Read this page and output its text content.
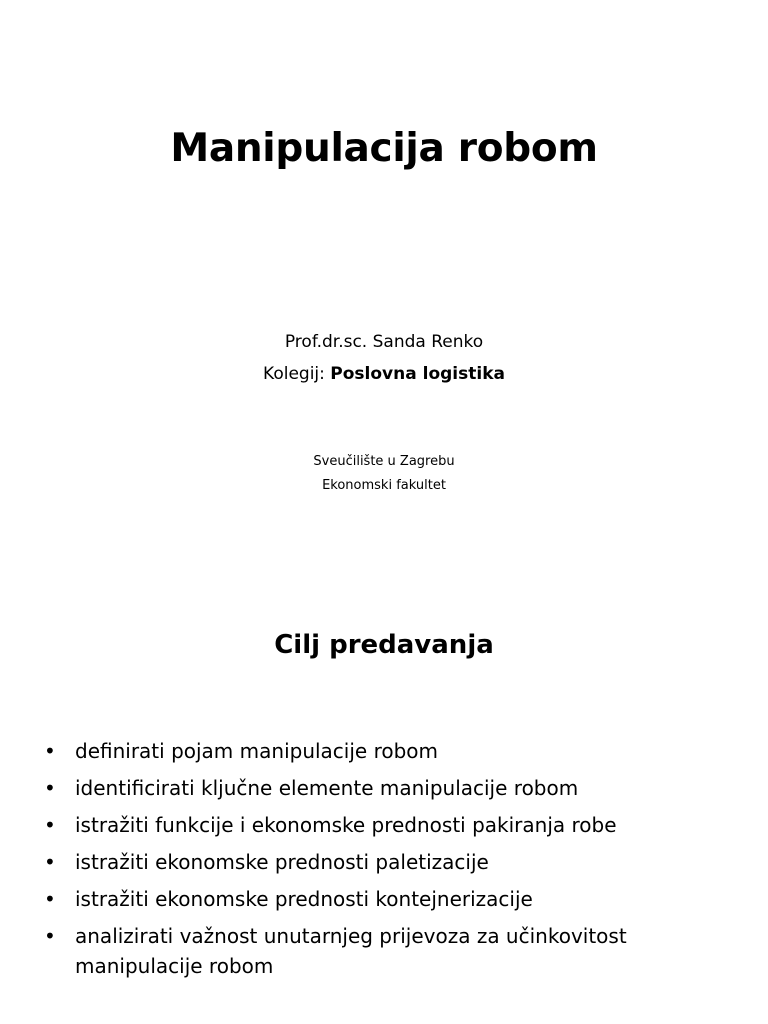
Manipulacija robom
Prof.dr.sc. Sanda Renko
Kolegij: Poslovna logistika
Sveučilište u Zagrebu
Ekonomski fakultet
Cilj predavanja
• definirati pojam manipulacije robom
• identificirati ključne elemente manipulacije robom
• istražiti funkcije i ekonomske prednosti pakiranja robe
• istražiti ekonomske prednosti paletizacije
• istražiti ekonomske prednosti kontejnerizacije
• analizirati važnost unutarnjeg prijevoza za učinkovitost manipulacije robom
